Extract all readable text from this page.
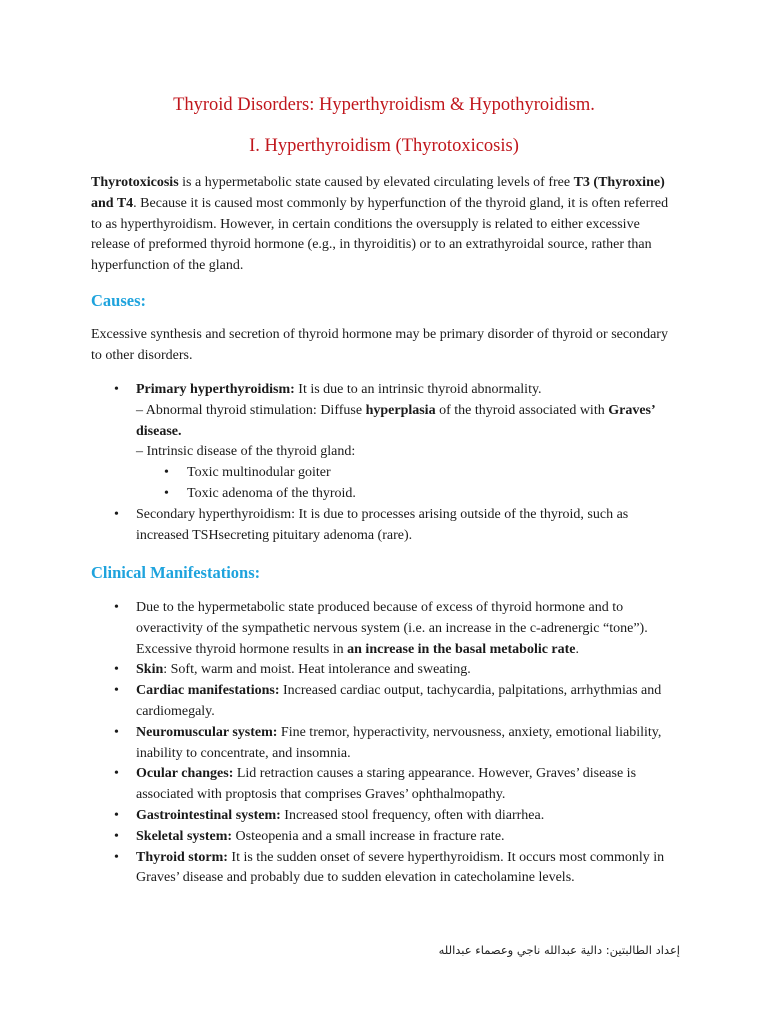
Thyroid Disorders: Hyperthyroidism & Hypothyroidism.
I. Hyperthyroidism (Thyrotoxicosis)

Thyrotoxicosis is a hypermetabolic state caused by elevated circulating levels of free T3 (Thyroxine) and T4. Because it is caused most commonly by hyperfunction of the thyroid gland, it is often referred to as hyperthyroidism. However, in certain conditions the oversupply is related to either excessive release of preformed thyroid hormone (e.g., in thyroiditis) or to an extrathyroidal source, rather than hyperfunction of the gland.

Causes:

Excessive synthesis and secretion of thyroid hormone may be primary disorder of thyroid or secondary to other disorders.

• Primary hyperthyroidism: It is due to an intrinsic thyroid abnormality.
– Abnormal thyroid stimulation: Diffuse hyperplasia of the thyroid associated with Graves’ disease.
– Intrinsic disease of the thyroid gland:
• Toxic multinodular goiter
• Toxic adenoma of the thyroid.
• Secondary hyperthyroidism: It is due to processes arising outside of the thyroid, such as increased TSHsecreting pituitary adenoma (rare).
Clinical Manifestations:
• Due to the hypermetabolic state produced because of excess of thyroid hormone and to overactivity of the sympathetic nervous system (i.e. an increase in the c-adrenergic “tone”). Excessive thyroid hormone results in an increase in the basal metabolic rate.
• Skin: Soft, warm and moist. Heat intolerance and sweating.
• Cardiac manifestations: Increased cardiac output, tachycardia, palpitations, arrhythmias and cardiomegaly.
• Neuromuscular system: Fine tremor, hyperactivity, nervousness, anxiety, emotional liability, inability to concentrate, and insomnia.
• Ocular changes: Lid retraction causes a staring appearance. However, Graves’ disease is associated with proptosis that comprises Graves’ ophthalmopathy.
• Gastrointestinal system: Increased stool frequency, often with diarrhea.
• Skeletal system: Osteopenia and a small increase in fracture rate.
• Thyroid storm: It is the sudden onset of severe hyperthyroidism. It occurs most commonly in Graves’ disease and probably due to sudden elevation in catecholamine levels.
إعداد الطالبتين: دالية عبدالله ناجي وعصماء عبدالله
